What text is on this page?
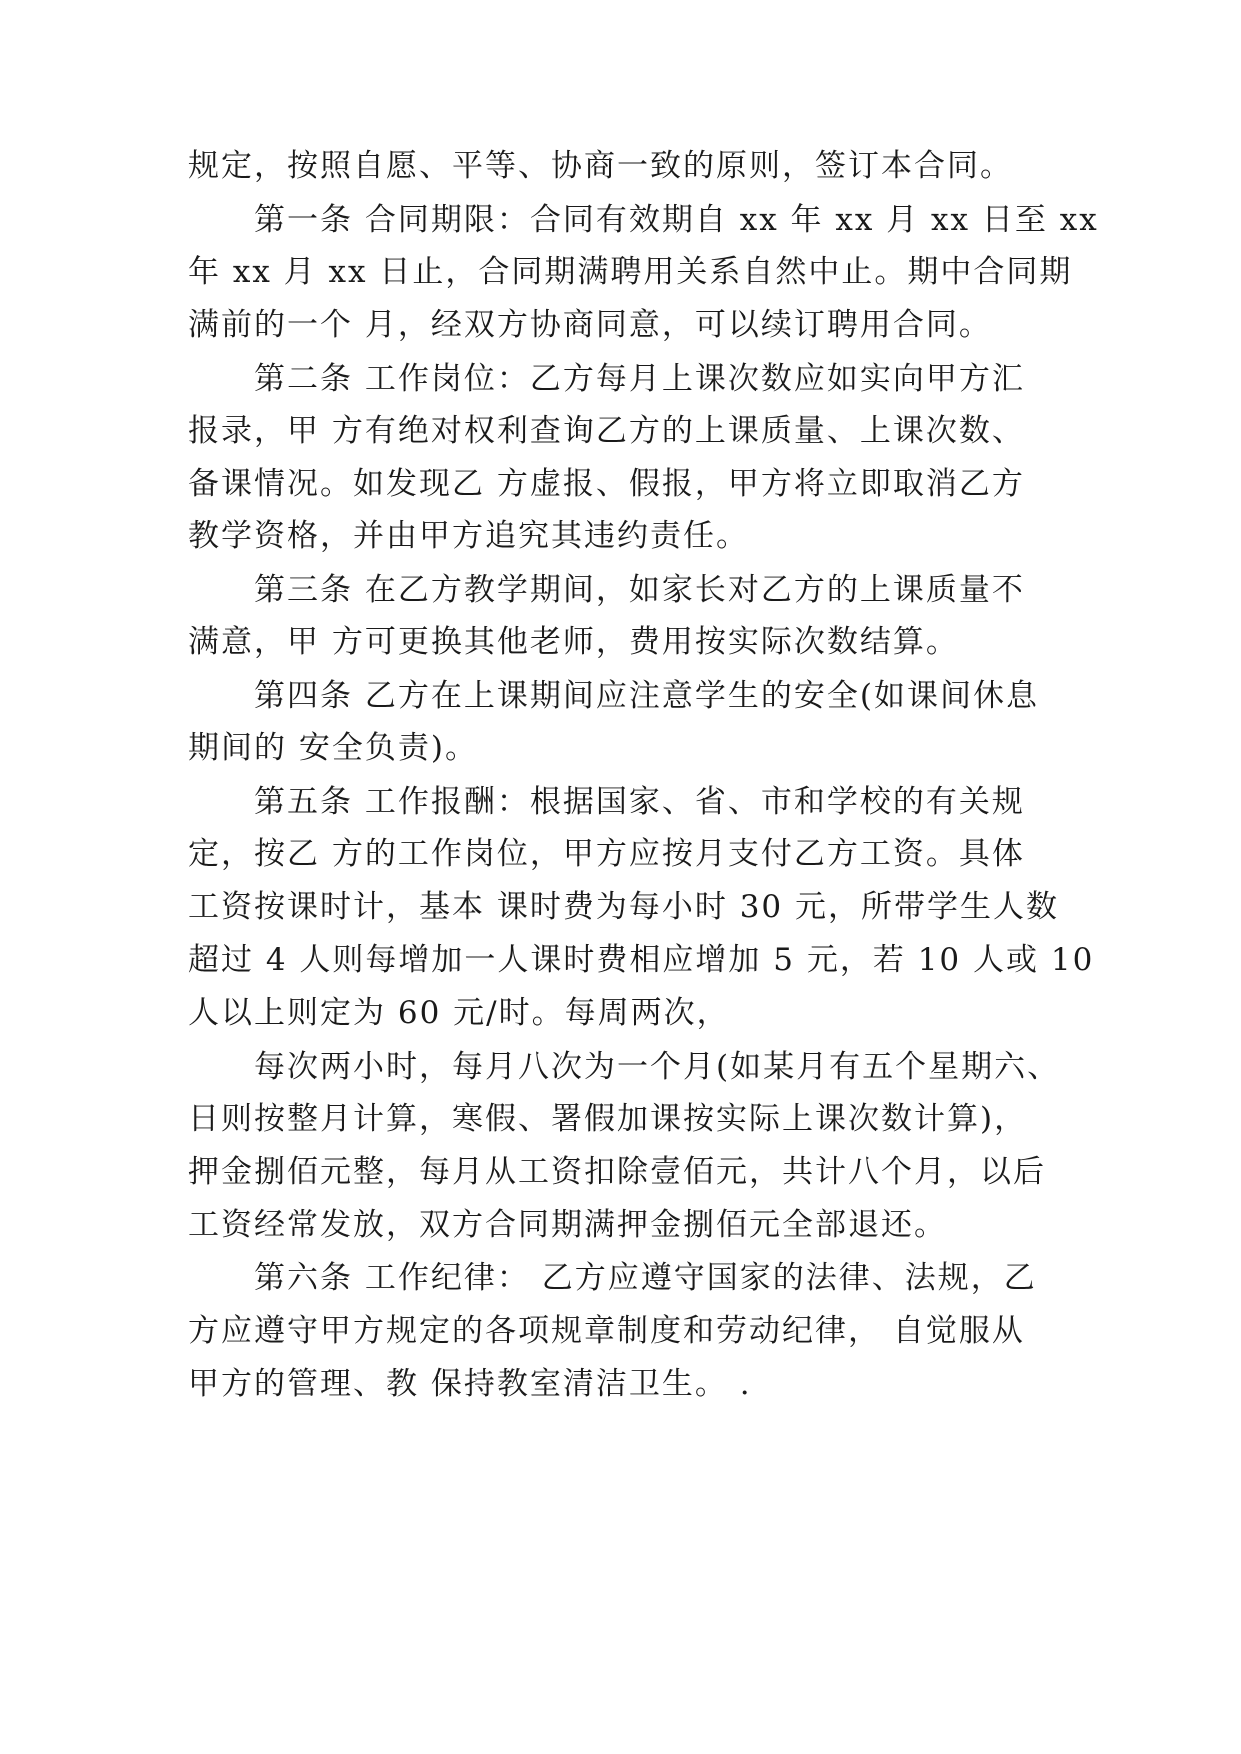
规定，按照自愿、平等、协商一致的原则，签订本合同。
第一条 合同期限：合同有效期自 xx 年 xx 月 xx 日至 xx
年 xx 月 xx 日止，合同期满聘用关系自然中止。期中合同期
满前的一个 月，经双方协商同意，可以续订聘用合同。
第二条 工作岗位：乙方每月上课次数应如实向甲方汇
报录，甲 方有绝对权利查询乙方的上课质量、上课次数、
备课情况。如发现乙 方虚报、假报，甲方将立即取消乙方
教学资格，并由甲方追究其违约责任。
第三条 在乙方教学期间，如家长对乙方的上课质量不
满意，甲 方可更换其他老师，费用按实际次数结算。
第四条 乙方在上课期间应注意学生的安全(如课间休息
期间的 安全负责)。
第五条 工作报酬：根据国家、省、市和学校的有关规
定，按乙 方的工作岗位，甲方应按月支付乙方工资。具体
工资按课时计，基本 课时费为每小时 30 元，所带学生人数
超过 4 人则每增加一人课时费相应增加 5 元，若 10 人或 10
人以上则定为 60 元/时。每周两次，
每次两小时，每月八次为一个月(如某月有五个星期六、
日则按整月计算，寒假、署假加课按实际上课次数计算)，
押金捌佰元整，每月从工资扣除壹佰元，共计八个月，以后
工资经常发放，双方合同期满押金捌佰元全部退还。
第六条 工作纪律： 乙方应遵守国家的法律、法规，乙
方应遵守甲方规定的各项规章制度和劳动纪律， 自觉服从
甲方的管理、教 保持教室清洁卫生。 .
